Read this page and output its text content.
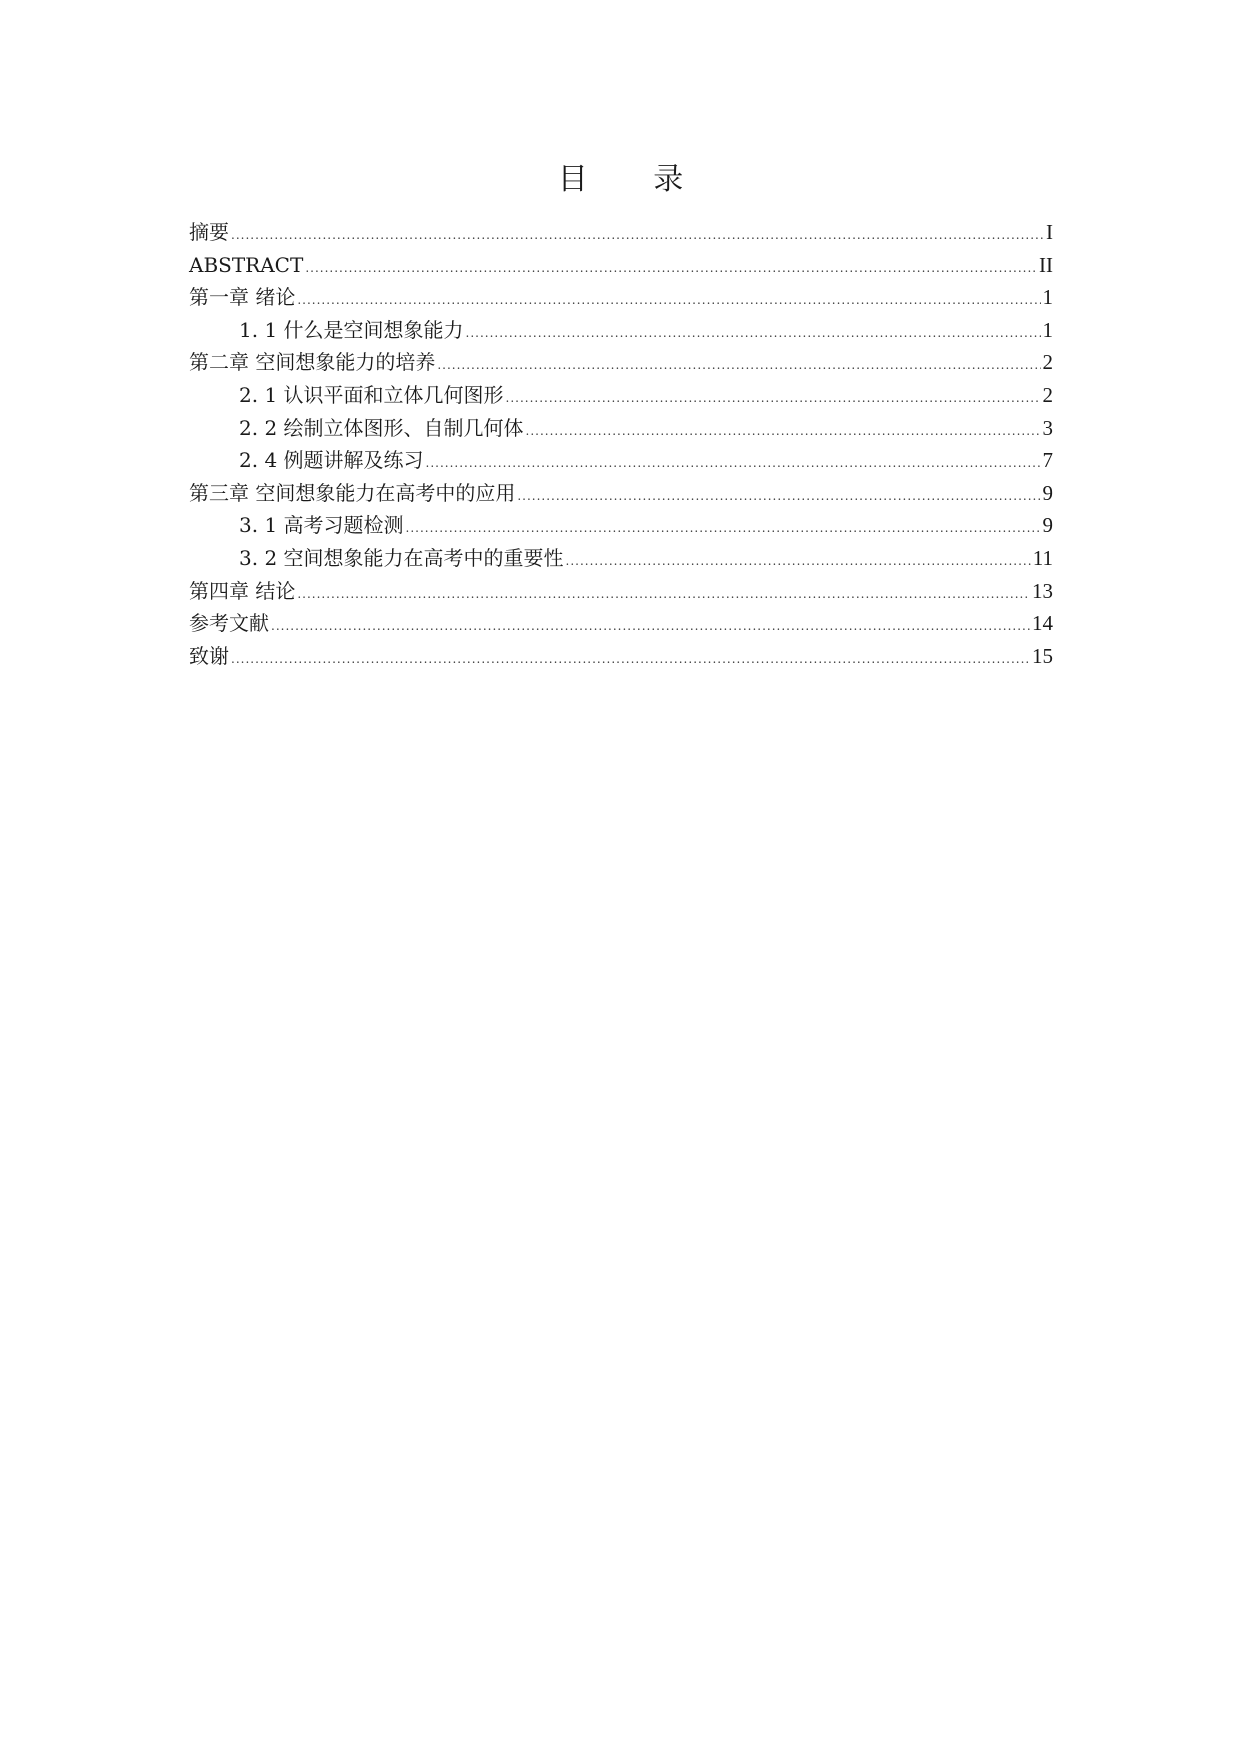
目 录
摘要 .....	I
ABSTRACT .....	II
第一章 绪论 .....	1
1. 1 什么是空间想象能力 .....	1
第二章 空间想象能力的培养 .....	2
2. 1 认识平面和立体几何图形 .....	2
2. 2 绘制立体图形、自制几何体 .....	3
2. 4 例题讲解及练习 .....	7
第三章 空间想象能力在高考中的应用 .....	9
3. 1 高考习题检测 .....	9
3. 2 空间想象能力在高考中的重要性 .....	11
第四章 结论 .....	13
参考文献 .....	14
致谢 .....	15
